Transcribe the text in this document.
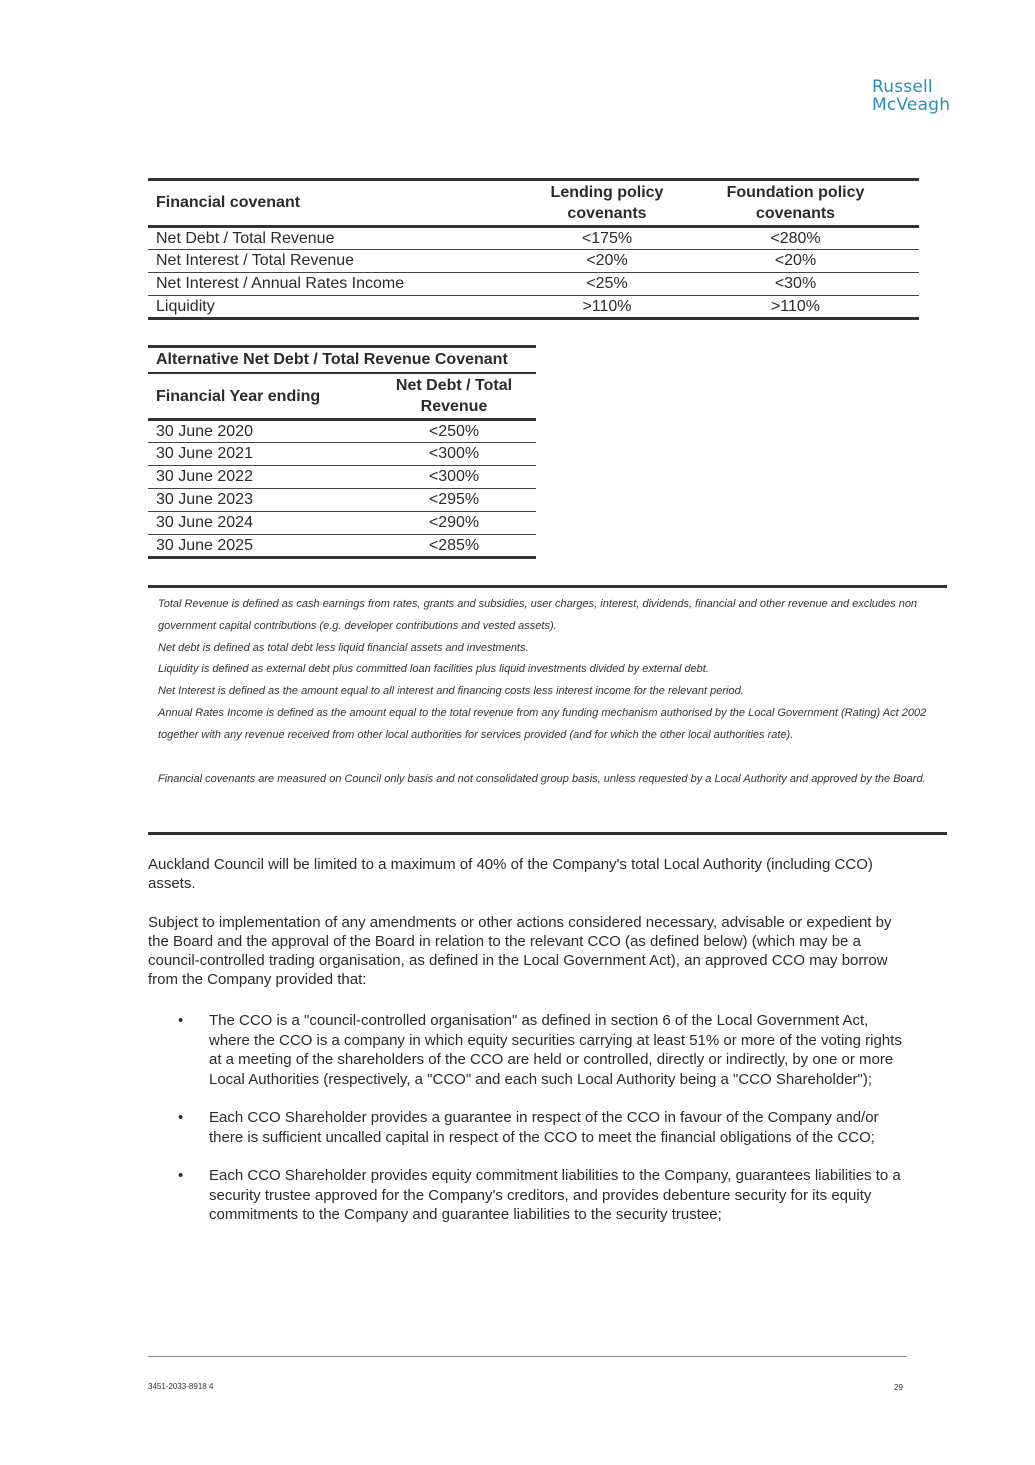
Russell
McVeagh
Financial covenant	Lending policy covenants	Foundation policy covenants
Net Debt / Total Revenue	<175%	<280%
Net Interest / Total Revenue	<20%	<20%
Net Interest / Annual Rates Income	<25%	<30%
Liquidity	>110%	>110%
Alternative Net Debt / Total Revenue Covenant	
Financial Year ending	Net Debt / Total Revenue
30 June 2020	<250%
30 June 2021	<300%
30 June 2022	<300%
30 June 2023	<295%
30 June 2024	<290%
30 June 2025	<285%

Total Revenue is defined as cash earnings from rates, grants and subsidies, user charges, interest, dividends, financial and other revenue and excludes non government capital contributions (e.g. developer contributions and vested assets).

Net debt is defined as total debt less liquid financial assets and investments.

Liquidity is defined as external debt plus committed loan facilities plus liquid investments divided by external debt.

Net Interest is defined as the amount equal to all interest and financing costs less interest income for the relevant period.

Annual Rates Income is defined as the amount equal to the total revenue from any funding mechanism authorised by the Local Government (Rating) Act 2002 together with any revenue received from other local authorities for services provided (and for which the other local authorities rate).

Financial covenants are measured on Council only basis and not consolidated group basis, unless requested by a Local Authority and approved by the Board.

Auckland Council will be limited to a maximum of 40% of the Company's total Local Authority (including CCO) assets.

Subject to implementation of any amendments or other actions considered necessary, advisable or expedient by the Board and the approval of the Board in relation to the relevant CCO (as defined below) (which may be a council-controlled trading organisation, as defined in the Local Government Act), an approved CCO may borrow from the Company provided that:

• The CCO is a "council-controlled organisation" as defined in section 6 of the Local Government Act, where the CCO is a company in which equity securities carrying at least 51% or more of the voting rights at a meeting of the shareholders of the CCO are held or controlled, directly or indirectly, by one or more Local Authorities (respectively, a "CCO" and each such Local Authority being a "CCO Shareholder");
• Each CCO Shareholder provides a guarantee in respect of the CCO in favour of the Company and/or there is sufficient uncalled capital in respect of the CCO to meet the financial obligations of the CCO;
• Each CCO Shareholder provides equity commitment liabilities to the Company, guarantees liabilities to a security trustee approved for the Company's creditors, and provides debenture security for its equity commitments to the Company and guarantee liabilities to the security trustee;
3451-2033-8918 4	29
